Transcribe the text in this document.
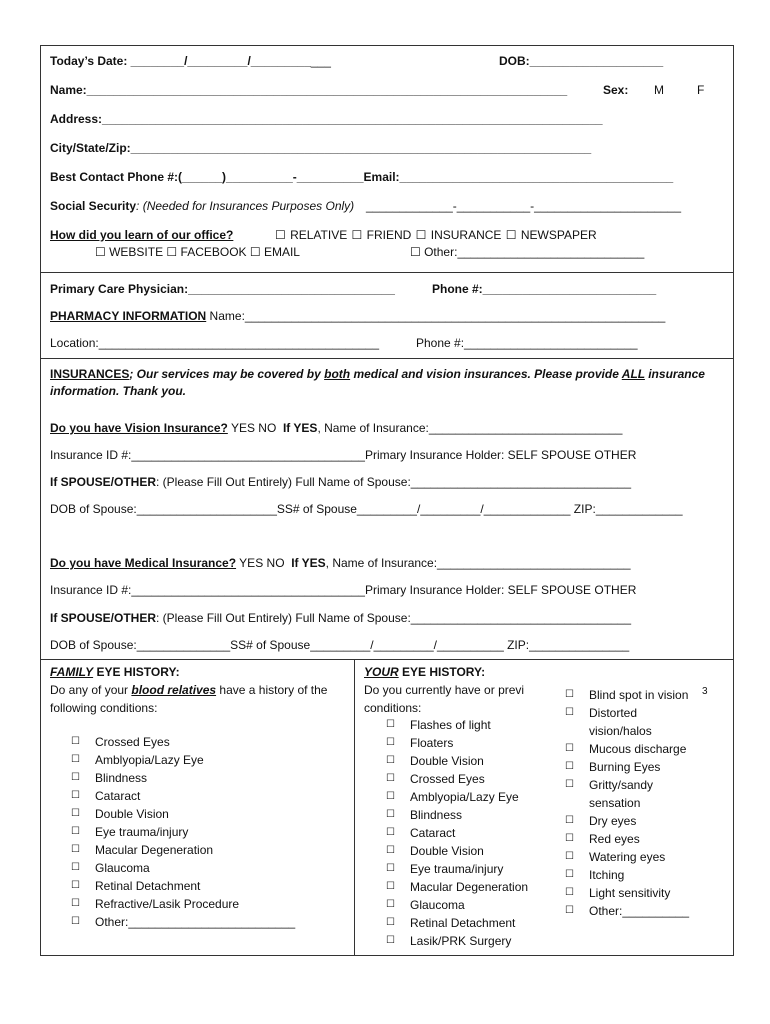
Today’s Date: ________/_________/____________	DOB:____________________
Name:________________________________________________________________________	Sex: M	F
Address:___________________________________________________________________________
City/State/Zip:_____________________________________________________________________
Best Contact Phone #:(______)__________-__________Email:_________________________________________
Social Security: (Needed for Insurances Purposes Only) _____________-___________-______________________
How did you learn of our office?	☐ RELATIVE ☐ FRIEND ☐ INSURANCE ☐ NEWSPAPER
☐ WEBSITE ☐ FACEBOOK ☐ EMAIL	☐ Other:____________________________
Primary Care Physician:_______________________________	Phone #:__________________________
PHARMACY INFORMATION Name:_______________________________________________________________
Location:__________________________________________	Phone #:__________________________
INSURANCES; Our services may be covered by both medical and vision insurances. Please provide ALL insurance
information. Thank you.
Do you have Vision Insurance? YES NO If YES, Name of Insurance:_____________________________
Insurance ID #:___________________________________Primary Insurance Holder: SELF SPOUSE OTHER
If SPOUSE/OTHER: (Please Fill Out Entirely) Full Name of Spouse:_________________________________
DOB of Spouse:_____________________SS# of Spouse_________/_________/_____________ ZIP:_____________
Do you have Medical Insurance? YES NO If YES, Name of Insurance:_____________________________
Insurance ID #:___________________________________Primary Insurance Holder: SELF SPOUSE OTHER
If SPOUSE/OTHER: (Please Fill Out Entirely) Full Name of Spouse:_________________________________
DOB of Spouse:______________SS# of Spouse_________/_________/__________ ZIP:_______________
FAMILY EYE HISTORY:
Do any of your blood relatives have a history of the
following conditions:
☐ Crossed Eyes
☐ Amblyopia/Lazy Eye
☐ Blindness
☐ Cataract
☐ Double Vision
☐ Eye trauma/injury
☐ Macular Degeneration
☐ Glaucoma
☐ Retinal Detachment
☐ Refractive/Lasik Procedure
☐ Other:_________________________
YOUR EYE HISTORY:
Do you currently have or previ
conditions:
☐ Flashes of light
☐ Floaters
☐ Double Vision
☐ Crossed Eyes
☐ Amblyopia/Lazy Eye
☐ Blindness
☐ Cataract
☐ Double Vision
☐ Eye trauma/injury
☐ Macular Degeneration
☐ Glaucoma
☐ Retinal Detachment
☐ Lasik/PRK Surgery
☐ Blind spot in vision
☐ Distorted
vision/halos
☐ Mucous discharge
☐ Burning Eyes
☐ Gritty/sandy
sensation
☐ Dry eyes
☐ Red eyes
☐ Watering eyes
☐ Itching
☐ Light sensitivity
☐ Other:__________
3
